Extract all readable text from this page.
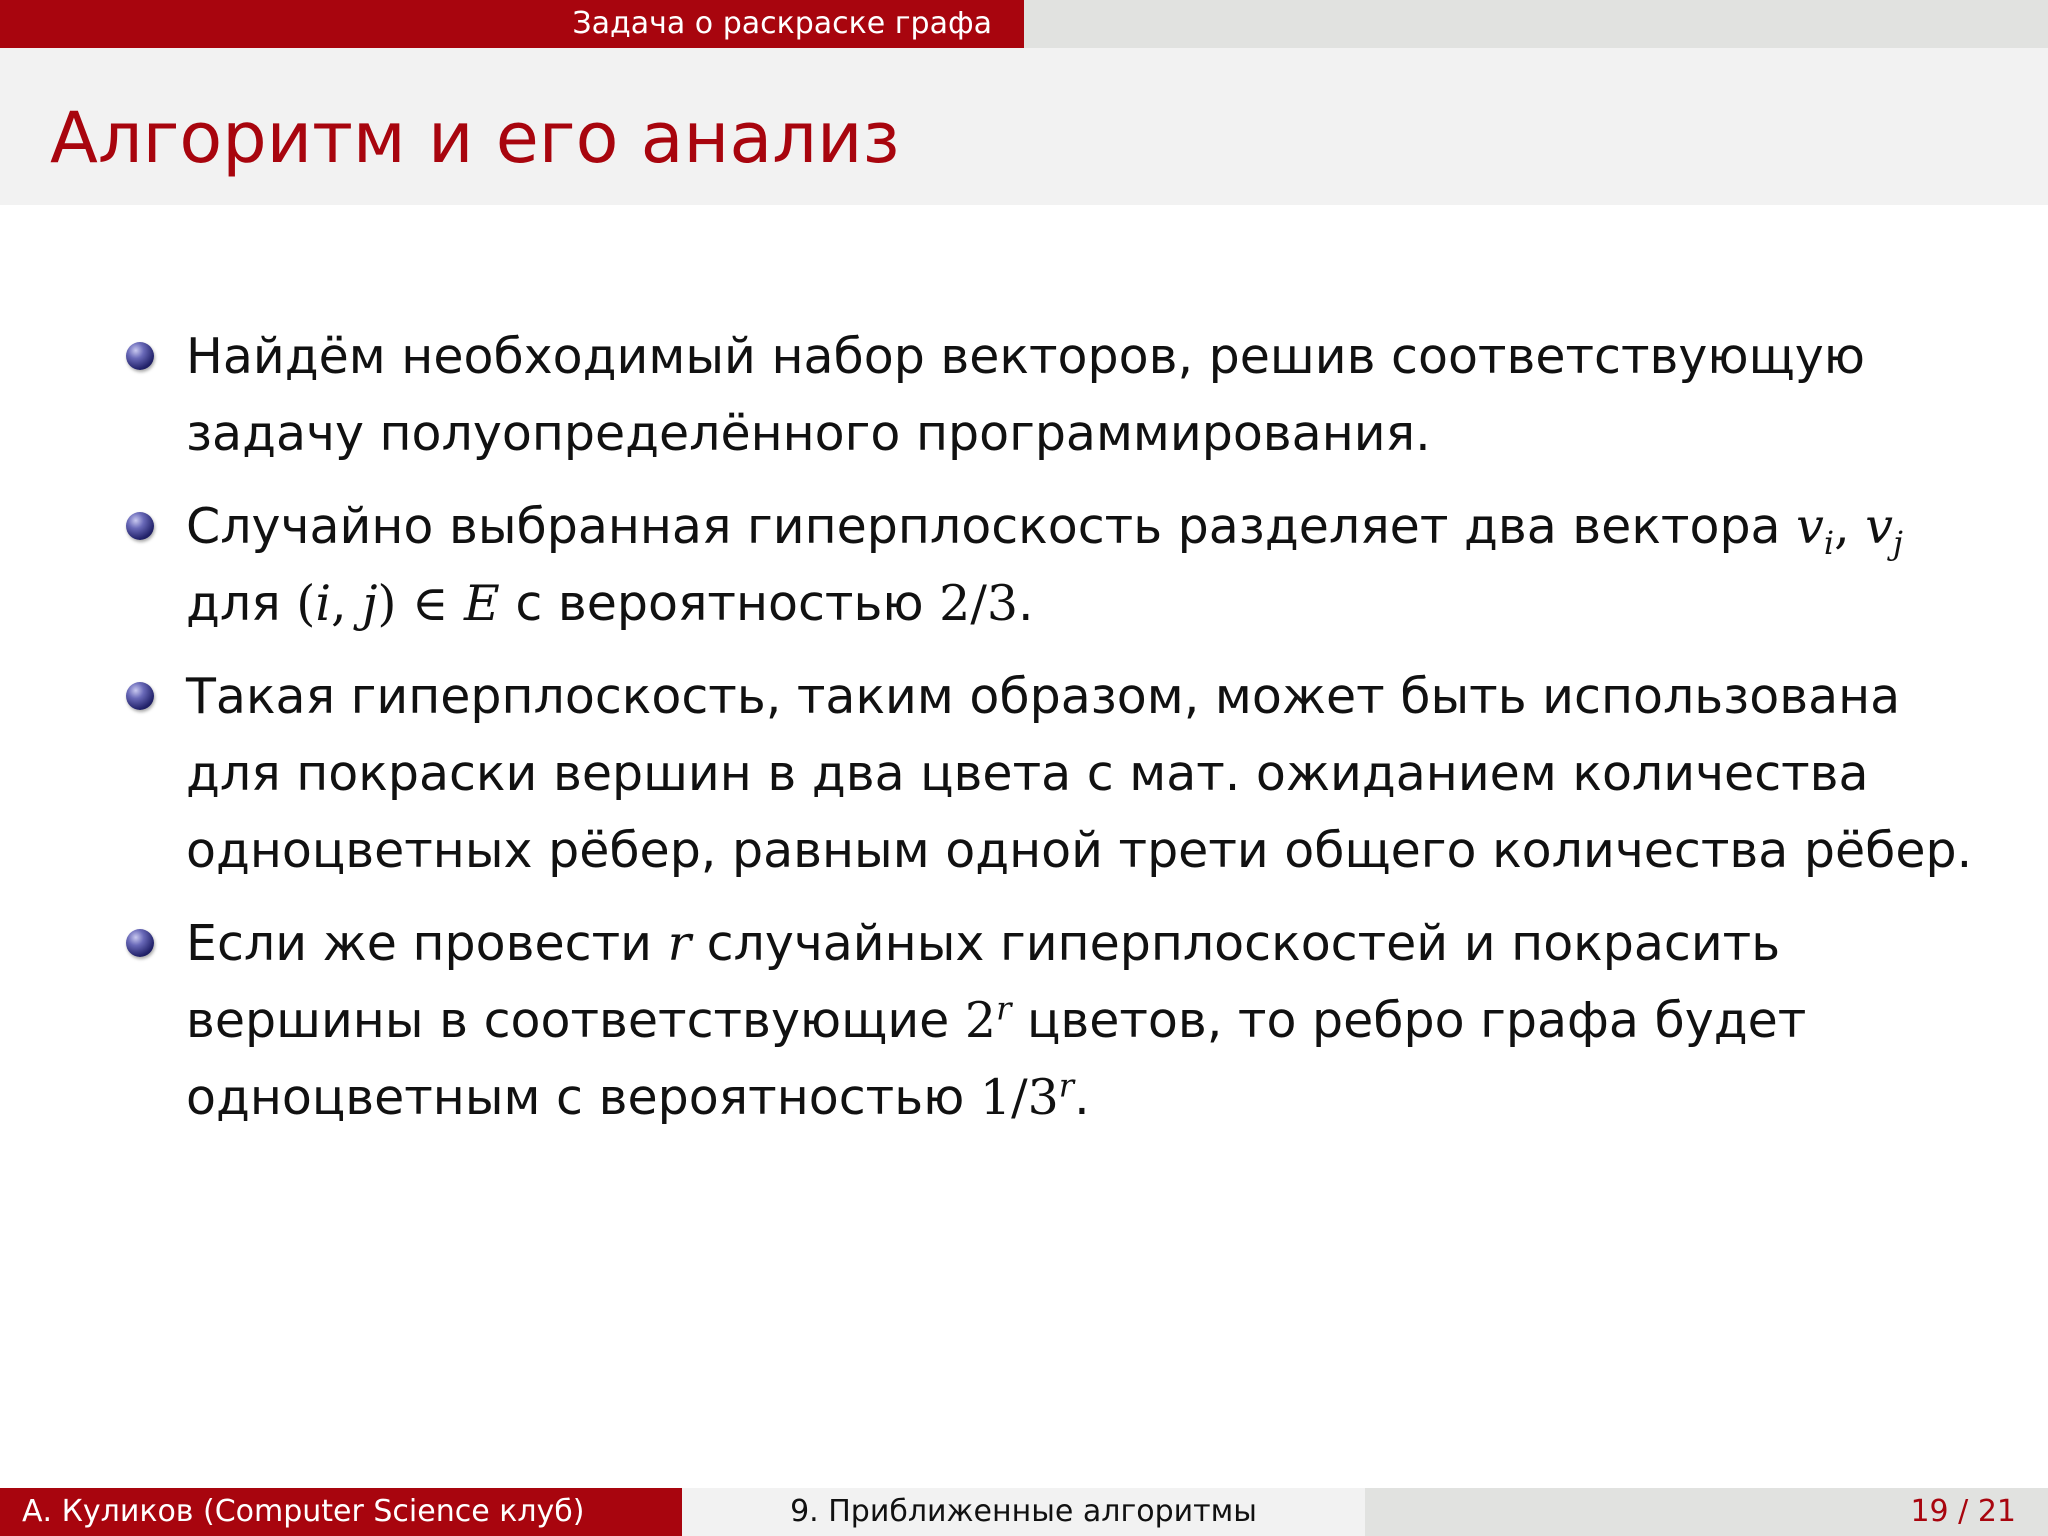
Задача о раскраске графа
Алгоритм и его анализ
Найдём необходимый набор векторов, решив соответствующую
задачу полуопределённого программирования.
Случайно выбранная гиперплоскость разделяет два вектора $v_i$, $v_j$
для (i, j) ∈ E с вероятностью 2/3.
Такая гиперплоскость, таким образом, может быть использована
для покраски вершин в два цвета с мат. ожиданием количества
одноцветных рёбер, равным одной трети общего количества рёбер.
Если же провести r случайных гиперплоскостей и покрасить
вершины в соответствующие 2$^r$ цветов, то ребро графа будет
одноцветным с вероятностью 1/3$^r$.
А. Куликов (Computer Science клуб)	9. Приближенные алгоритмы	19 / 21
